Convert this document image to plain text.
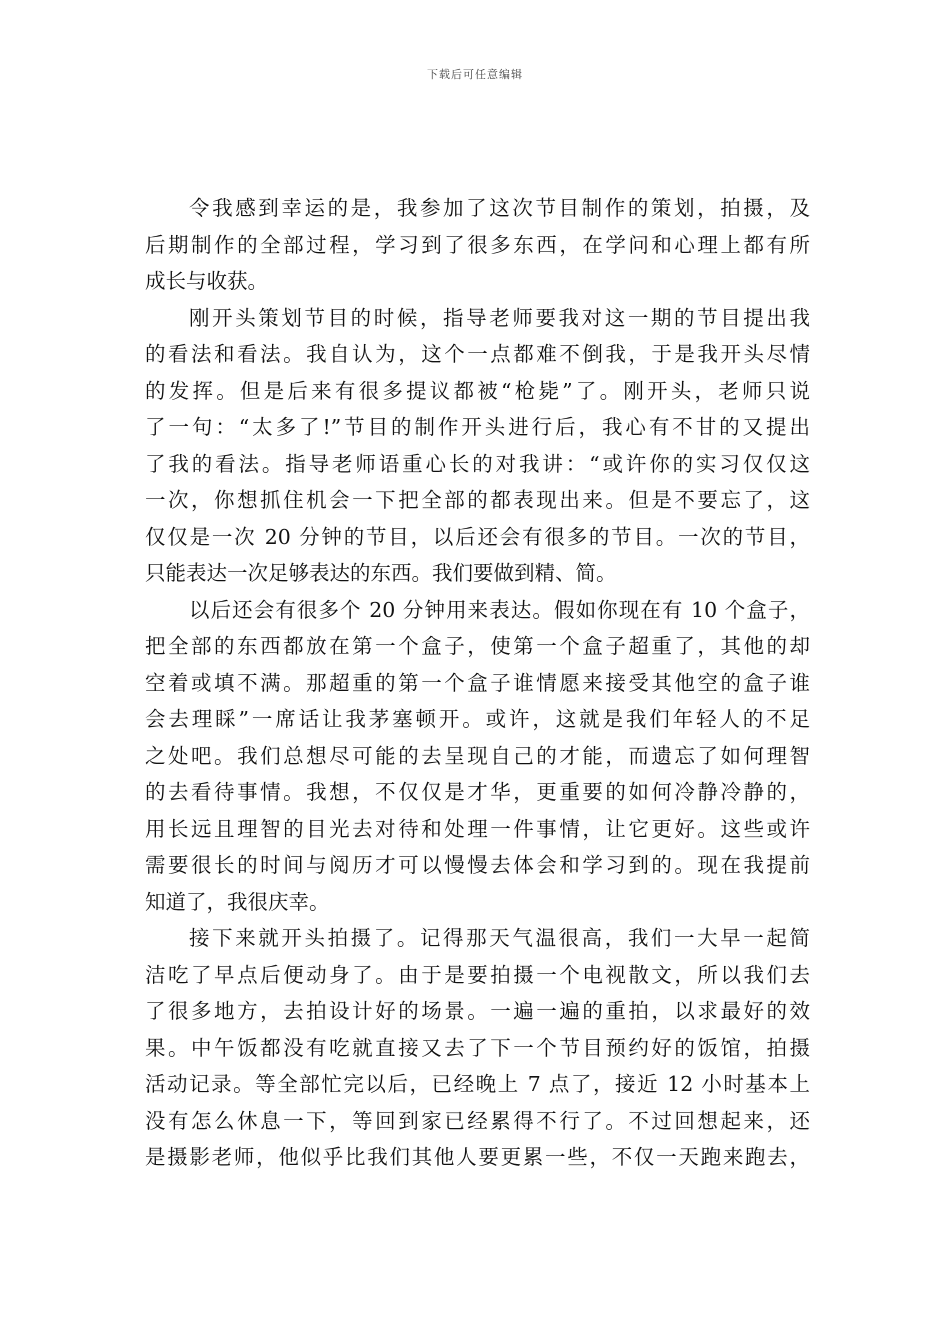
下载后可任意编辑
令我感到幸运的是，我参加了这次节目制作的策划，拍摄，及
后期制作的全部过程，学习到了很多东西，在学问和心理上都有所
成长与收获。
刚开头策划节目的时候，指导老师要我对这一期的节目提出我
的看法和看法。我自认为，这个一点都难不倒我，于是我开头尽情
的发挥。但是后来有很多提议都被“枪毙”了。刚开头，老师只说
了一句：“太多了!”节目的制作开头进行后，我心有不甘的又提出
了我的看法。指导老师语重心长的对我讲：“或许你的实习仅仅这
一次，你想抓住机会一下把全部的都表现出来。但是不要忘了，这
仅仅是一次 20 分钟的节目，以后还会有很多的节目。一次的节目，
只能表达一次足够表达的东西。我们要做到精、简。
以后还会有很多个 20 分钟用来表达。假如你现在有 10 个盒子，
把全部的东西都放在第一个盒子，使第一个盒子超重了，其他的却
空着或填不满。那超重的第一个盒子谁情愿来接受其他空的盒子谁
会去理睬”一席话让我茅塞顿开。或许，这就是我们年轻人的不足
之处吧。我们总想尽可能的去呈现自己的才能，而遗忘了如何理智
的去看待事情。我想，不仅仅是才华，更重要的如何冷静冷静的，
用长远且理智的目光去对待和处理一件事情，让它更好。这些或许
需要很长的时间与阅历才可以慢慢去体会和学习到的。现在我提前
知道了，我很庆幸。
接下来就开头拍摄了。记得那天气温很高，我们一大早一起简
洁吃了早点后便动身了。由于是要拍摄一个电视散文，所以我们去
了很多地方，去拍设计好的场景。一遍一遍的重拍，以求最好的效
果。中午饭都没有吃就直接又去了下一个节目预约好的饭馆，拍摄
活动记录。等全部忙完以后，已经晚上 7 点了，接近 12 小时基本上
没有怎么休息一下，等回到家已经累得不行了。不过回想起来，还
是摄影老师，他似乎比我们其他人要更累一些，不仅一天跑来跑去，
